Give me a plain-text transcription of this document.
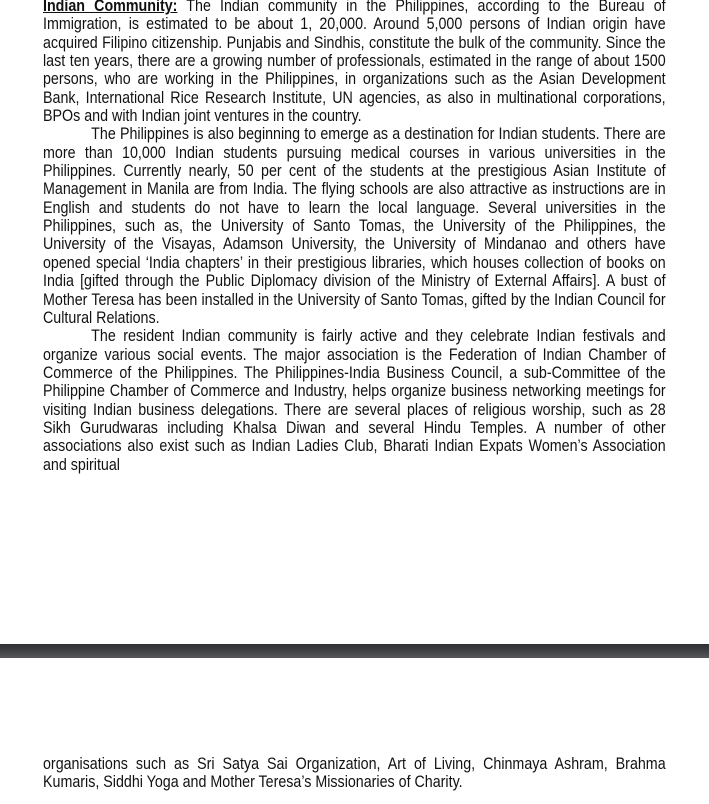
Indian Community: The Indian community in the Philippines, according to the Bureau of Immigration, is estimated to be about 1, 20,000. Around 5,000 persons of Indian origin have acquired Filipino citizenship. Punjabis and Sindhis, constitute the bulk of the community. Since the last ten years, there are a growing number of professionals, estimated in the range of about 1500 persons, who are working in the Philippines, in organizations such as the Asian Development Bank, International Rice Research Institute, UN agencies, as also in multinational corporations, BPOs and with Indian joint ventures in the country.

The Philippines is also beginning to emerge as a destination for Indian students. There are more than 10,000 Indian students pursuing medical courses in various universities in the Philippines. Currently nearly, 50 per cent of the students at the prestigious Asian Institute of Management in Manila are from India. The flying schools are also attractive as instructions are in English and students do not have to learn the local language. Several universities in the Philippines, such as, the University of Santo Tomas, the University of the Philippines, the University of the Visayas, Adamson University, the University of Mindanao and others have opened special ‘India chapters’ in their prestigious libraries, which houses collection of books on India [gifted through the Public Diplomacy division of the Ministry of External Affairs]. A bust of Mother Teresa has been installed in the University of Santo Tomas, gifted by the Indian Council for Cultural Relations.

The resident Indian community is fairly active and they celebrate Indian festivals and organize various social events. The major association is the Federation of Indian Chamber of Commerce of the Philippines. The Philippines-India Business Council, a sub-Committee of the Philippine Chamber of Commerce and Industry, helps organize business networking meetings for visiting Indian business delegations. There are several places of religious worship, such as 28 Sikh Gurudwaras including Khalsa Diwan and several Hindu Temples. A number of other associations also exist such as Indian Ladies Club, Bharati Indian Expats Women’s Association and spiritual

organisations such as Sri Satya Sai Organization, Art of Living, Chinmaya Ashram, Brahma Kumaris, Siddhi Yoga and Mother Teresa’s Missionaries of Charity.
